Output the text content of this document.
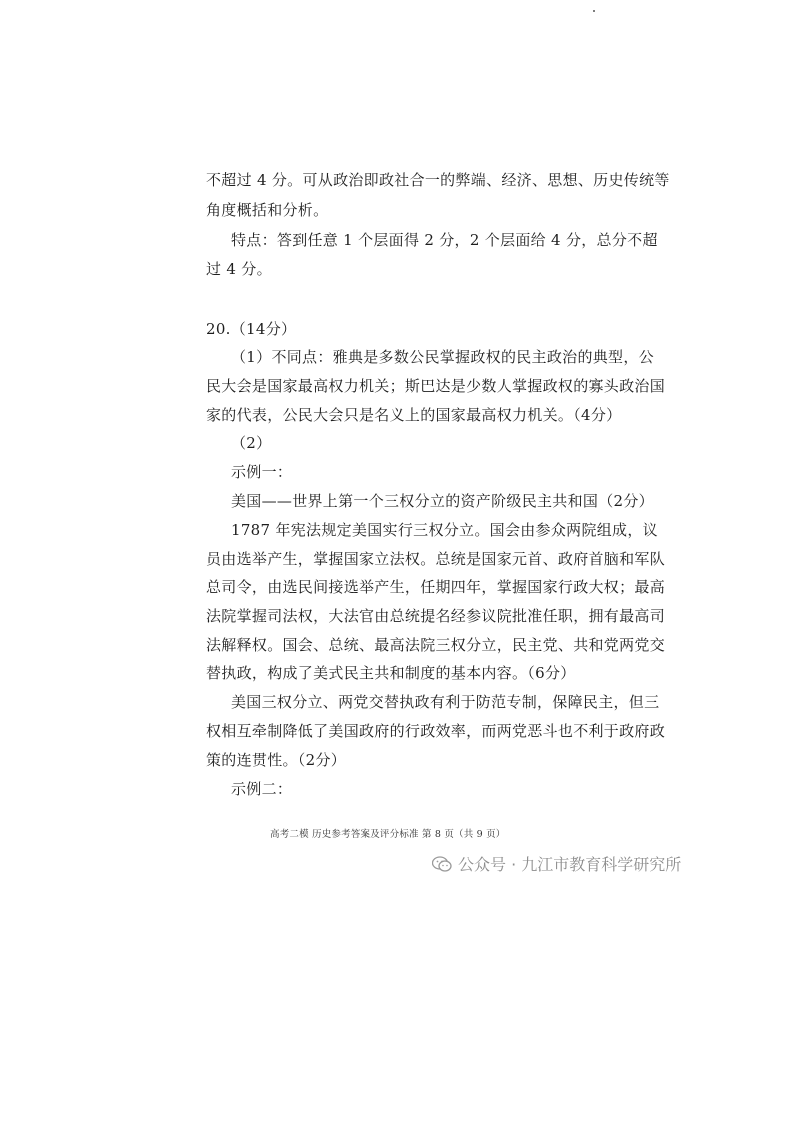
不超过 4 分。可从政治即政社合一的弊端、经济、思想、历史传统等
角度概括和分析。
特点：答到任意 1 个层面得 2 分，2 个层面给 4 分，总分不超
过 4 分。
20.（14分）
（1）不同点：雅典是多数公民掌握政权的民主政治的典型，公
民大会是国家最高权力机关；斯巴达是少数人掌握政权的寡头政治国
家的代表，公民大会只是名义上的国家最高权力机关。（4分）
（2）
示例一：
美国——世界上第一个三权分立的资产阶级民主共和国（2分）
1787 年宪法规定美国实行三权分立。国会由参众两院组成，议
员由选举产生，掌握国家立法权。总统是国家元首、政府首脑和军队
总司令，由选民间接选举产生，任期四年，掌握国家行政大权；最高
法院掌握司法权，大法官由总统提名经参议院批准任职，拥有最高司
法解释权。国会、总统、最高法院三权分立，民主党、共和党两党交
替执政，构成了美式民主共和制度的基本内容。（6分）
美国三权分立、两党交替执政有利于防范专制，保障民主，但三
权相互牵制降低了美国政府的行政效率，而两党恶斗也不利于政府政
策的连贯性。（2分）
示例二：
高考二模 历史参考答案及评分标准 第 8 页（共 9 页）
公众号 · 九江市教育科学研究所
